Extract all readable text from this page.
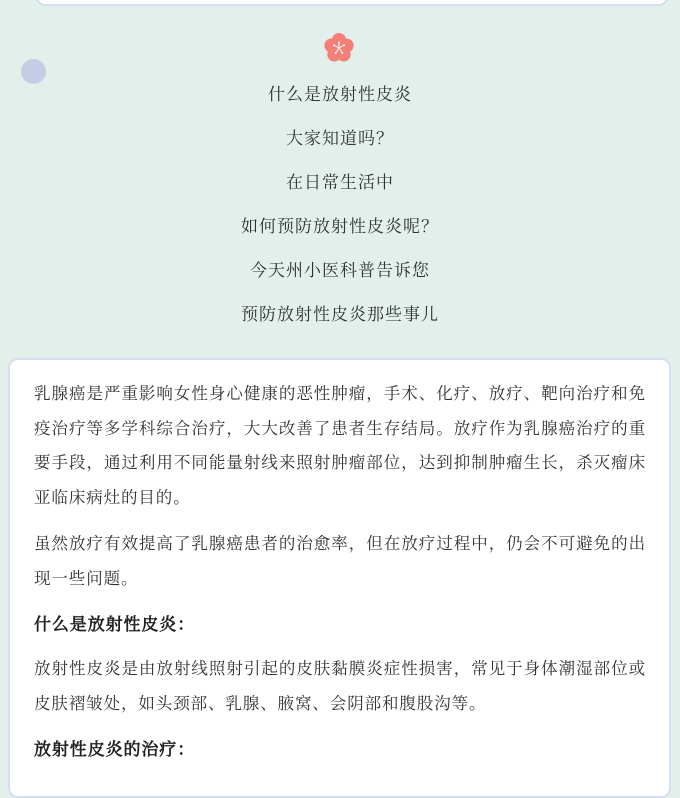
什么是放射性皮炎

大家知道吗？

在日常生活中

如何预防放射性皮炎呢？

今天州小医科普告诉您

预防放射性皮炎那些事儿

乳腺癌是严重影响女性身心健康的恶性肿瘤，手术、化疗、放疗、靶向治疗和免疫治疗等多学科综合治疗，大大改善了患者生存结局。放疗作为乳腺癌治疗的重要手段，通过利用不同能量射线来照射肿瘤部位，达到抑制肿瘤生长，杀灭瘤床亚临床病灶的目的。

虽然放疗有效提高了乳腺癌患者的治愈率，但在放疗过程中，仍会不可避免的出现一些问题。

什么是放射性皮炎：

放射性皮炎是由放射线照射引起的皮肤黏膜炎症性损害，常见于身体潮湿部位或皮肤褶皱处，如头颈部、乳腺、腋窝、会阴部和腹股沟等。

放射性皮炎的治疗：
